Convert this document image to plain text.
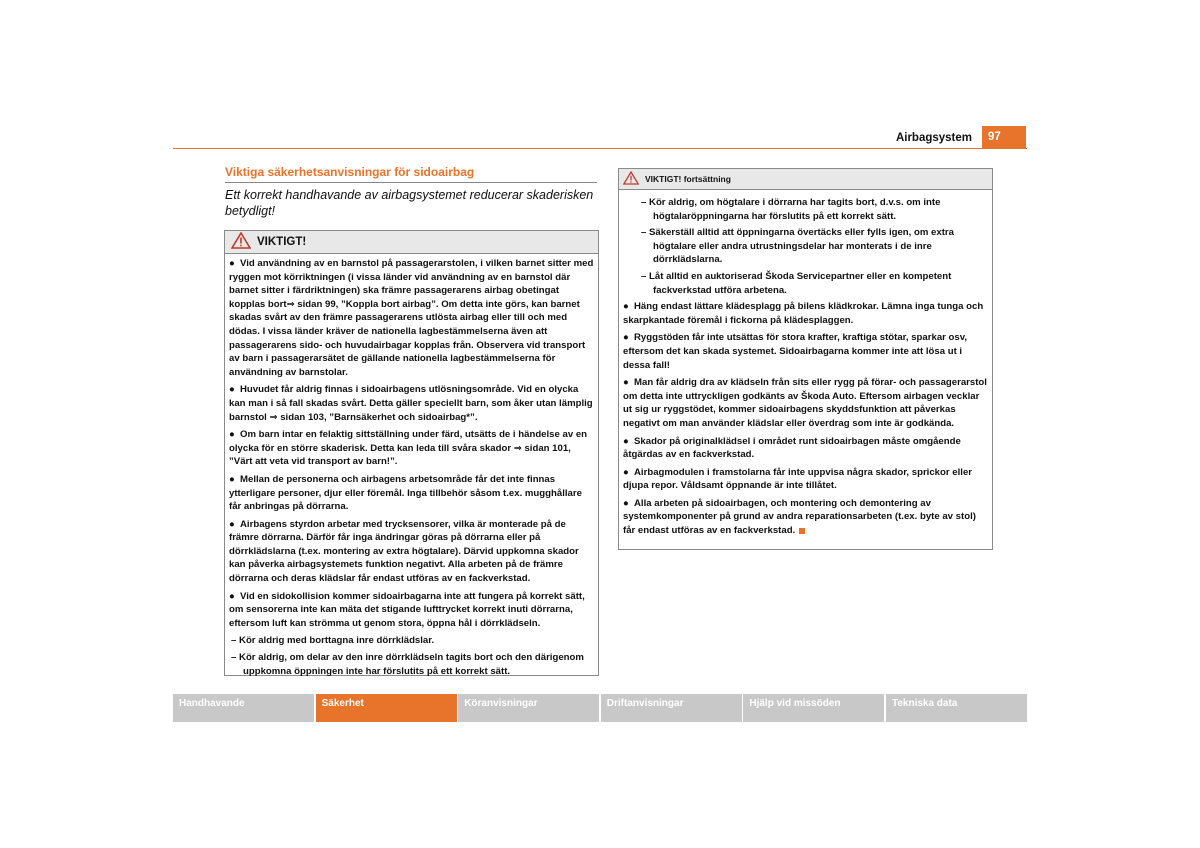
Airbagsystem	97
Viktiga säkerhetsanvisningar för sidoairbag
Ett korrekt handhavande av airbagsystemet reducerar skaderisken betydligt!
VIKTIGT!

● Vid användning av en barnstol på passagerarstolen, i vilken barnet sitter med ryggen mot körriktningen (i vissa länder vid användning av en barnstol där barnet sitter i färdriktningen) ska främre passagerarens airbag obetingat kopplas bort⇒ sidan 99, ”Koppla bort airbag”. Om detta inte görs, kan barnet skadas svårt av den främre passagerarens utlösta airbag eller till och med dödas. I vissa länder kräver de nationella lagbestämmelserna även att passagerarens sido- och huvudairbagar kopplas från. Observera vid transport av barn i passagerarsätet de gällande nationella lagbestämmelserna för användning av barnstolar.

● Huvudet får aldrig finnas i sidoairbagens utlösningsområde. Vid en olycka kan man i så fall skadas svårt. Detta gäller speciellt barn, som åker utan lämplig barnstol ⇒ sidan 103, ”Barnsäkerhet och sidoairbag*”.

● Om barn intar en felaktig sittställning under färd, utsätts de i händelse av en olycka för en större skaderisk. Detta kan leda till svåra skador ⇒ sidan 101, ”Värt att veta vid transport av barn!”.

● Mellan de personerna och airbagens arbetsområde får det inte finnas ytterligare personer, djur eller föremål. Inga tillbehör såsom t.ex. mugghållare får anbringas på dörrarna.

● Airbagens styrdon arbetar med trycksensorer, vilka är monterade på de främre dörrarna. Därför får inga ändringar göras på dörrarna eller på dörrklädslarna (t.ex. montering av extra högtalare). Därvid uppkomna skador kan påverka airbagsystemets funktion negativt. Alla arbeten på de främre dörrarna och deras klädslar får endast utföras av en fackverkstad.

● Vid en sidokollision kommer sidoairbagarna inte att fungera på korrekt sätt, om sensorerna inte kan mäta det stigande lufttrycket korrekt inuti dörrarna, eftersom luft kan strömma ut genom stora, öppna hål i dörrklädseln.

– Kör aldrig med borttagna inre dörrklädslar.

– Kör aldrig, om delar av den inre dörrklädseln tagits bort och den därigenom uppkomna öppningen inte har förslutits på ett korrekt sätt.

VIKTIGT! fortsättning

– Kör aldrig, om högtalare i dörrarna har tagits bort, d.v.s. om inte högtalaröppningarna har förslutits på ett korrekt sätt.

– Säkerställ alltid att öppningarna övertäcks eller fylls igen, om extra högtalare eller andra utrustningsdelar har monterats i de inre dörrklädslarna.

– Låt alltid en auktoriserad Škoda Servicepartner eller en kompetent fackverkstad utföra arbetena.

● Häng endast lättare klädesplagg på bilens klädkrokar. Lämna inga tunga och skarpkantade föremål i fickorna på klädesplaggen.

● Ryggstöden får inte utsättas för stora krafter, kraftiga stötar, sparkar osv, eftersom det kan skada systemet. Sidoairbagarna kommer inte att lösa ut i dessa fall!

● Man får aldrig dra av klädseln från sits eller rygg på förar- och passagerarstol om detta inte uttryckligen godkänts av Škoda Auto. Eftersom airbagen vecklar ut sig ur ryggstödet, kommer sidoairbagens skyddsfunktion att påverkas negativt om man använder klädslar eller överdrag som inte är godkända.

● Skador på originalklädsel i området runt sidoairbagen måste omgående åtgärdas av en fackverkstad.

● Airbagmodulen i framstolarna får inte uppvisa några skador, sprickor eller djupa repor. Våldsamt öppnande är inte tillåtet.

● Alla arbeten på sidoairbagen, och montering och demontering av systemkomponenter på grund av andra reparationsarbeten (t.ex. byte av stol) får endast utföras av en fackverkstad.

Handhavande	Säkerhet	Köranvisningar	Driftanvisningar	Hjälp vid missöden	Tekniska data
